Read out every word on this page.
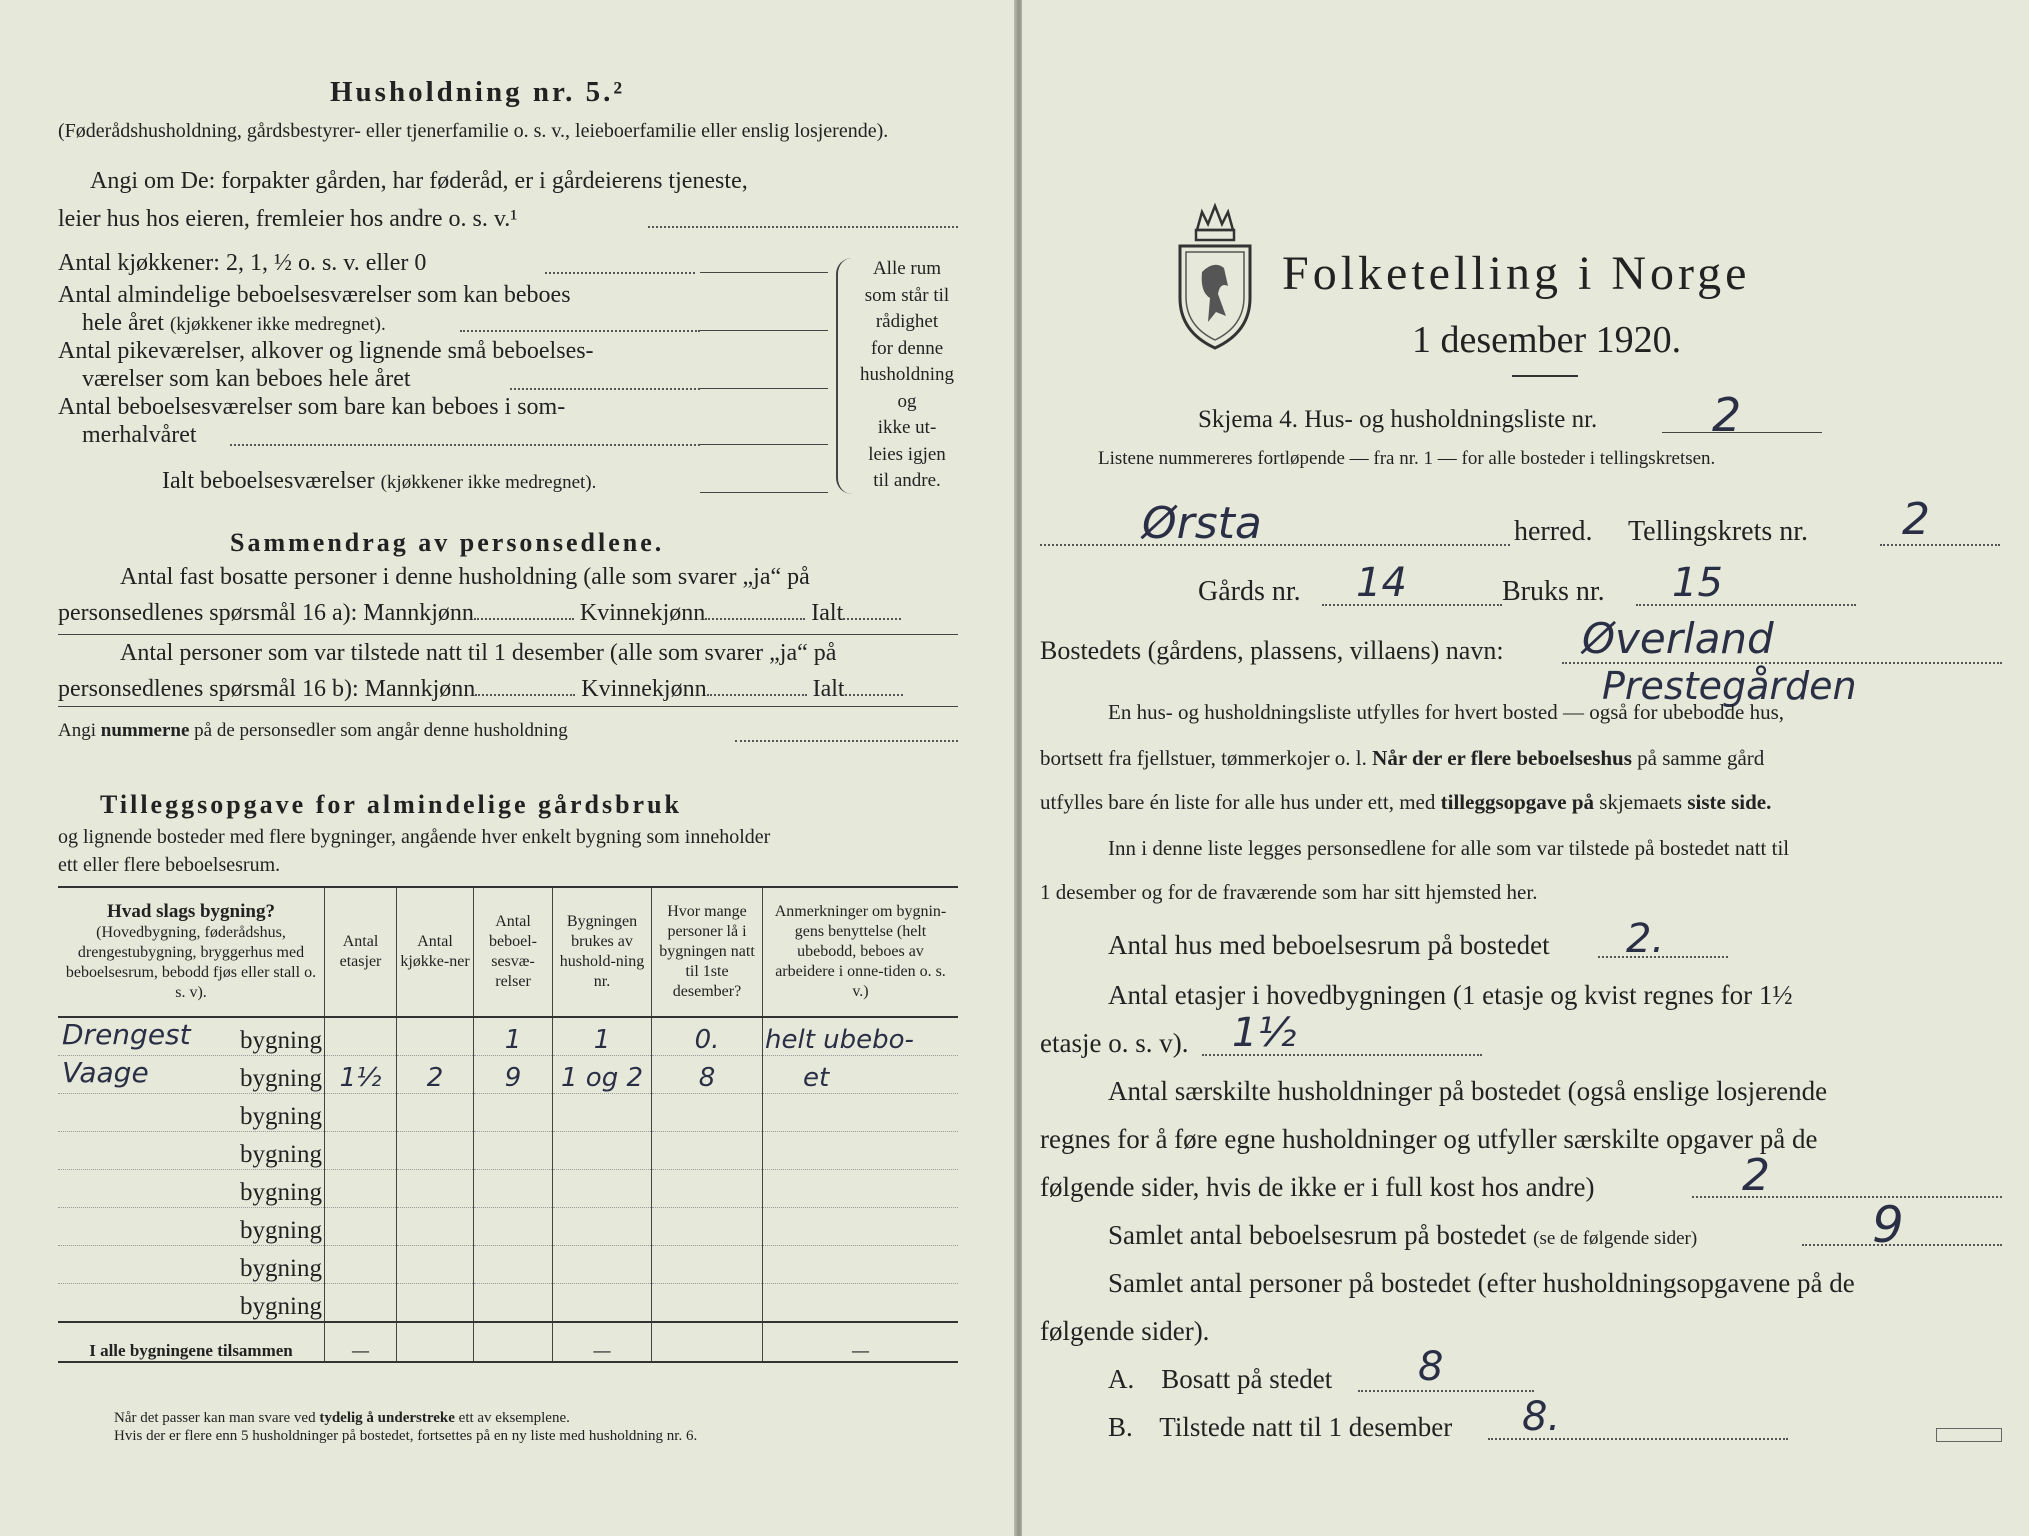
Husholdning nr. 5.²
(Føderådshusholdning, gårdsbestyrer- eller tjenerfamilie o. s. v., leieboerfamilie eller enslig losjerende).
Angi om De: forpakter gården, har føderåd, er i gårdeierens tjeneste,
leier hus hos eieren, fremleier hos andre o. s. v.¹
Antal kjøkkener: 2, 1, ½ o. s. v. eller 0
Antal almindelige beboelsesværelser som kan beboes
hele året (kjøkkener ikke medregnet).
Antal pikeværelser, alkover og lignende små beboelses-
værelser som kan beboes hele året
Antal beboelsesværelser som bare kan beboes i som-
merhalvåret
Ialt beboelsesværelser (kjøkkener ikke medregnet).
Alle rum
som står til
rådighet
for denne
husholdning
og
ikke ut-
leies igjen
til andre.
Sammendrag av personsedlene.
Antal fast bosatte personer i denne husholdning (alle som svarer „ja“ på
personsedlenes spørsmål 16 a): Mannkjønn	Kvinnekjønn	Ialt
Antal personer som var tilstede natt til 1 desember (alle som svarer „ja“ på
personsedlenes spørsmål 16 b): Mannkjønn	Kvinnekjønn	Ialt
Angi nummerne på de personsedler som angår denne husholdning
Tilleggsopgave for almindelige gårdsbruk
og lignende bosteder med flere bygninger, angående hver enkelt bygning som inneholder
ett eller flere beboelsesrum.
Hvad slags bygning?
(Hovedbygning, føderådshus, drengestubygning, bryggerhus med beboelsesrum, bebodd fjøs eller stall o. s. v).	Antal etasjer	Antal kjøkke-ner	Antal beboel-sesvæ-relser	Bygningen brukes av hushold-ning nr.	Hvor mange personer lå i bygningen natt til 1ste desember?	Anmerkninger om bygnin-gens benyttelse (helt ubebodd, beboes av arbeidere i onne-tiden o. s. v.)

Drengest bygning			1	1	0.	helt ubebo-

Vaage bygning	1½	2	9	1 og 2	8	et
bygning						
bygning						
bygning						
bygning						
bygning						
bygning						
I alle bygningene tilsammen	—			—		—
Når det passer kan man svare ved tydelig å understreke ett av eksemplene.
Hvis der er flere enn 5 husholdninger på bostedet, fortsettes på en ny liste med husholdning nr. 6.
Folketelling i Norge
1 desember 1920.
Skjema 4. Hus- og husholdningsliste nr. 2
Listene nummereres fortløpende — fra nr. 1 — for alle bosteder i tellingskretsen.
Ørsta	herred. Tellingskrets nr. 2
Gårds nr. 14	Bruks nr. 15
Bostedets (gårdens, plassens, villaens) navn: Øverland
Prestegården
En hus- og husholdningsliste utfylles for hvert bosted — også for ubebodde hus,
bortsett fra fjellstuer, tømmerkojer o. l. Når der er flere beboelseshus på samme gård
utfylles bare én liste for alle hus under ett, med tilleggsopgave på skjemaets siste side.
Inn i denne liste legges personsedlene for alle som var tilstede på bostedet natt til
1 desember og for de fraværende som har sitt hjemsted her.
Antal hus med beboelsesrum på bostedet 2.
Antal etasjer i hovedbygningen (1 etasje og kvist regnes for 1½
etasje o. s. v). 1½
Antal særskilte husholdninger på bostedet (også enslige losjerende
regnes for å føre egne husholdninger og utfyller særskilte opgaver på de
følgende sider, hvis de ikke er i full kost hos andre)	2
Samlet antal beboelsesrum på bostedet (se de følgende sider)	9
Samlet antal personer på bostedet (efter husholdningsopgavene på de
følgende sider).
A. Bosatt på stedet 8
B. Tilstede natt til 1 desember 8.
